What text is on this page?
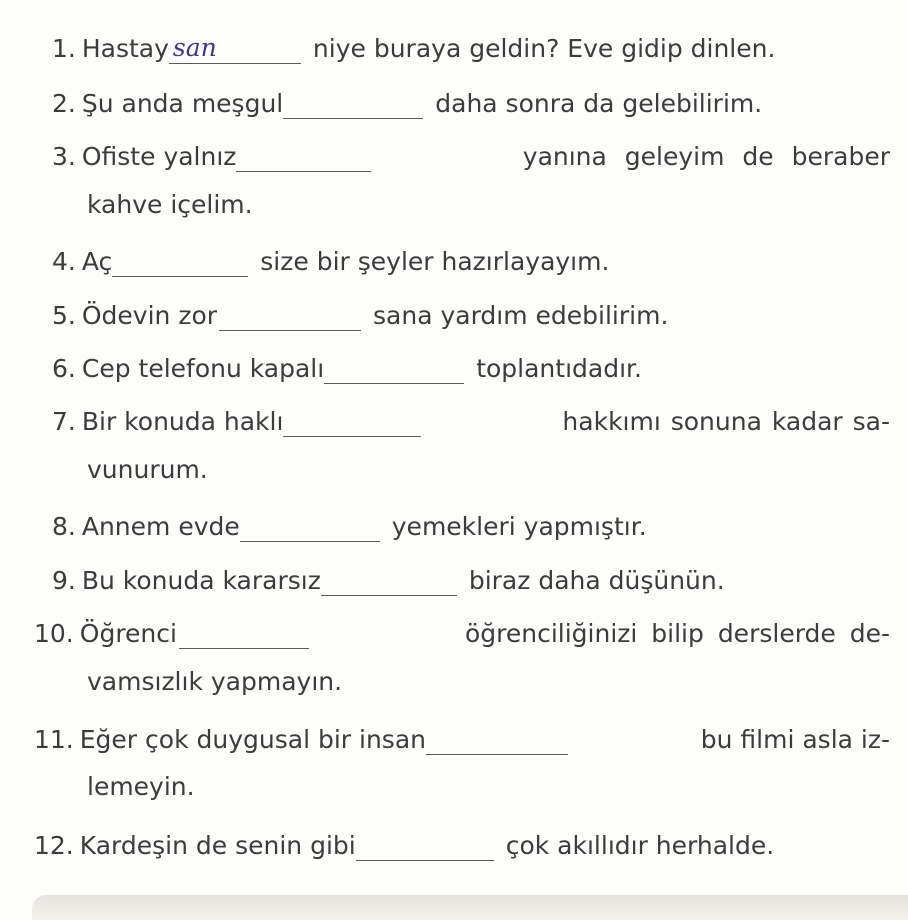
1. Hastay san	niye buraya geldin? Eve gidip dinlen.
2. Şu anda meşgul	daha sonra da gelebilirim.
3. Ofiste yalnız	yanına geleyim de beraber
kahve içelim.
4. Aç	size bir şeyler hazırlayayım.
5. Ödevin zor	sana yardım edebilirim.
6. Cep telefonu kapalı	toplantıdadır.
7. Bir konuda haklı	hakkımı sonuna kadar sa-
vunurum.
8. Annem evde	yemekleri yapmıştır.
9. Bu konuda kararsız	biraz daha düşünün.
10. Öğrenci	öğrenciliğinizi bilip derslerde de-
vamsızlık yapmayın.
11. Eğer çok duygusal bir insan	bu filmi asla iz-
lemeyin.
12. Kardeşin de senin gibi	çok akıllıdır herhalde.
